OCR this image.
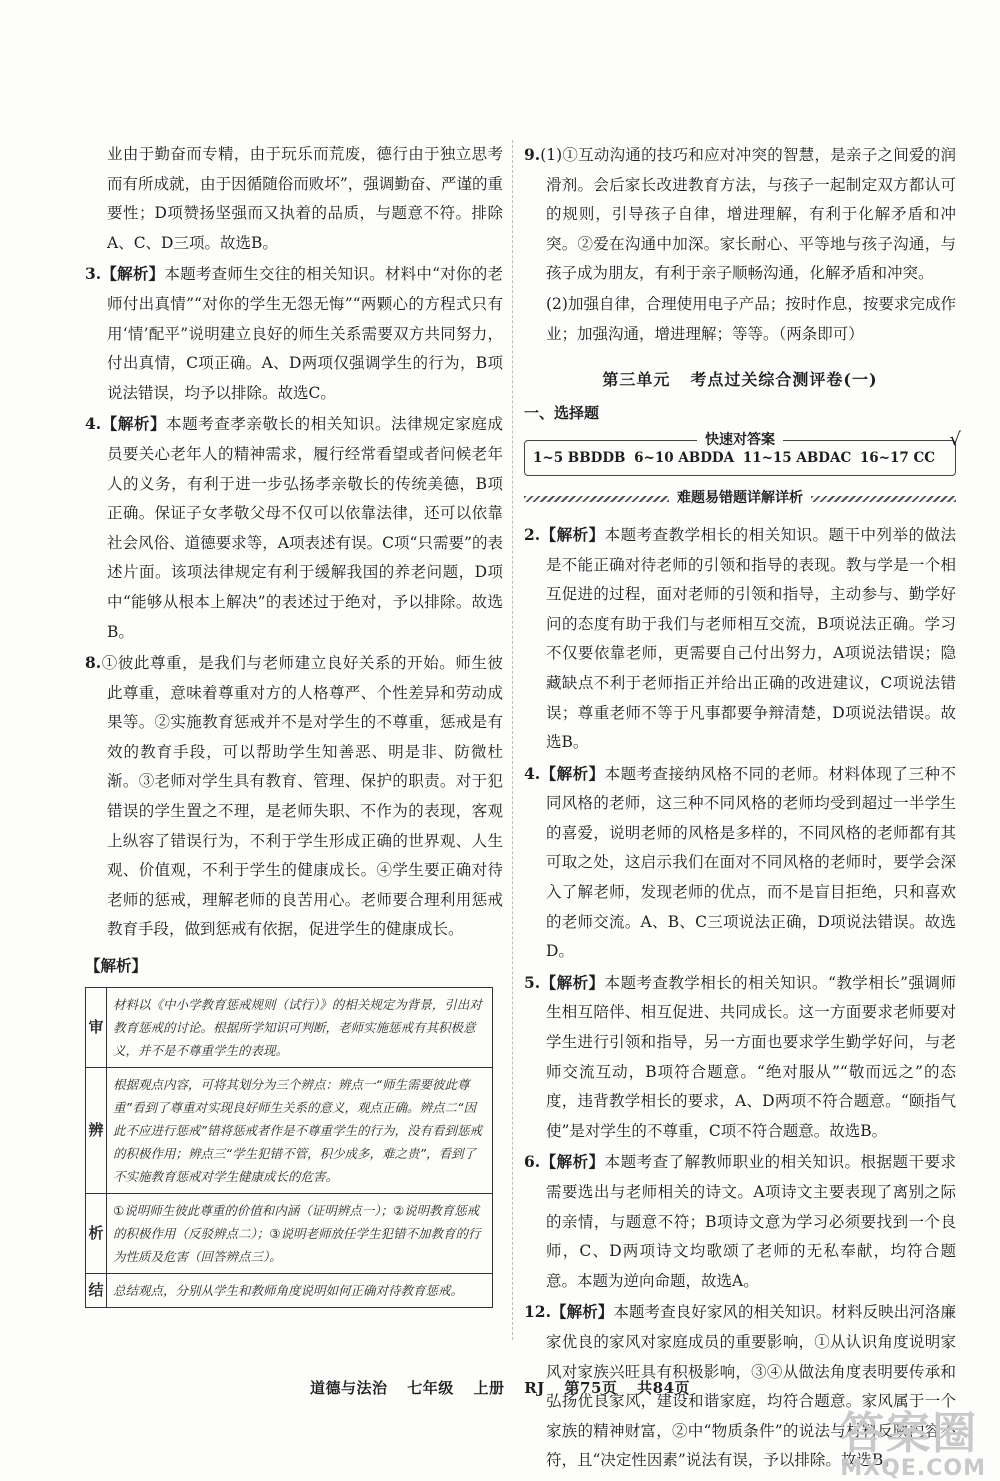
业由于勤奋而专精，由于玩乐而荒废，德行由于独立思考而有所成就，由于因循随俗而败坏”，强调勤奋、严谨的重要性；D项赞扬坚强而又执着的品质，与题意不符。排除A、C、D三项。故选B。

3.【解析】本题考查师生交往的相关知识。材料中“对你的老师付出真情”“对你的学生无怨无悔”“两颗心的方程式只有用‘情’配平”说明建立良好的师生关系需要双方共同努力，付出真情，C项正确。A、D两项仅强调学生的行为，B项说法错误，均予以排除。故选C。

4.【解析】本题考查孝亲敬长的相关知识。法律规定家庭成员要关心老年人的精神需求，履行经常看望或者问候老年人的义务，有利于进一步弘扬孝亲敬长的传统美德，B项正确。保证子女孝敬父母不仅可以依靠法律，还可以依靠社会风俗、道德要求等，A项表述有误。C项“只需要”的表述片面。该项法律规定有利于缓解我国的养老问题，D项中“能够从根本上解决”的表述过于绝对，予以排除。故选B。

8.①彼此尊重，是我们与老师建立良好关系的开始。师生彼此尊重，意味着尊重对方的人格尊严、个性差异和劳动成果等。②实施教育惩戒并不是对学生的不尊重，惩戒是有效的教育手段，可以帮助学生知善恶、明是非、防微杜渐。③老师对学生具有教育、管理、保护的职责。对于犯错误的学生置之不理，是老师失职、不作为的表现，客观上纵容了错误行为，不利于学生形成正确的世界观、人生观、价值观，不利于学生的健康成长。④学生要正确对待老师的惩戒，理解老师的良苦用心。老师要合理利用惩戒教育手段，做到惩戒有依据，促进学生的健康成长。

【解析】
审	材料以《中小学教育惩戒规则（试行）》的相关规定为背景，引出对教育惩戒的讨论。根据所学知识可判断，老师实施惩戒有其积极意义，并不是不尊重学生的表现。
辨	根据观点内容，可将其划分为三个辨点：辨点一“师生需要彼此尊重”看到了尊重对实现良好师生关系的意义，观点正确。辨点二“因此不应进行惩戒”错将惩戒者作是不尊重学生的行为，没有看到惩戒的积极作用；辨点三“学生犯错不管，积少成多，难之贵”，看到了不实施教育惩戒对学生健康成长的危害。
析	①说明师生彼此尊重的价值和内涵（证明辨点一）；②说明教育惩戒的积极作用（反驳辨点二）；③说明老师放任学生犯错不加教育的行为性质及危害（回答辨点三）。
结	总结观点，分别从学生和教师角度说明如何正确对待教育惩戒。

9.(1)①互动沟通的技巧和应对冲突的智慧，是亲子之间爱的润滑剂。会后家长改进教育方法，与孩子一起制定双方都认可的规则，引导孩子自律，增进理解，有利于化解矛盾和冲突。②爱在沟通中加深。家长耐心、平等地与孩子沟通，与孩子成为朋友，有利于亲子顺畅沟通，化解矛盾和冲突。

(2)加强自律，合理使用电子产品；按时作息，按要求完成作业；加强沟通，增进理解；等等。（两条即可）

第三单元 考点过关综合测评卷(一)
一、选择题
快速对答案
1~5 BBDDB 6~10 ABDDA 11~15 ABDAC 16~17 CC
√
难题易错题详解详析

2.【解析】本题考查教学相长的相关知识。题干中列举的做法是不能正确对待老师的引领和指导的表现。教与学是一个相互促进的过程，面对老师的引领和指导，主动参与、勤学好问的态度有助于我们与老师相互交流，B项说法正确。学习不仅要依靠老师，更需要自己付出努力，A项说法错误；隐藏缺点不利于老师指正并给出正确的改进建议，C项说法错误；尊重老师不等于凡事都要争辩清楚，D项说法错误。故选B。

4.【解析】本题考查接纳风格不同的老师。材料体现了三种不同风格的老师，这三种不同风格的老师均受到超过一半学生的喜爱，说明老师的风格是多样的，不同风格的老师都有其可取之处，这启示我们在面对不同风格的老师时，要学会深入了解老师，发现老师的优点，而不是盲目拒绝，只和喜欢的老师交流。A、B、C三项说法正确，D项说法错误。故选D。

5.【解析】本题考查教学相长的相关知识。“教学相长”强调师生相互陪伴、相互促进、共同成长。这一方面要求老师要对学生进行引领和指导，另一方面也要求学生勤学好问，与老师交流互动，B项符合题意。“绝对服从”“敬而远之”的态度，违背教学相长的要求，A、D两项不符合题意。“颐指气使”是对学生的不尊重，C项不符合题意。故选B。

6.【解析】本题考查了解教师职业的相关知识。根据题干要求需要选出与老师相关的诗文。A项诗文主要表现了离别之际的亲情，与题意不符；B项诗文意为学习必须要找到一个良师，C、D两项诗文均歌颂了老师的无私奉献，均符合题意。本题为逆向命题，故选A。

12.【解析】本题考查良好家风的相关知识。材料反映出河洛廉家优良的家风对家庭成员的重要影响，①从认识角度说明家风对家族兴旺具有积极影响，③④从做法角度表明要传承和弘扬优良家风，建设和谐家庭，均符合题意。家风属于一个家族的精神财富，②中“物质条件”的说法与材料反映内容不符，且“决定性因素”说法有误，予以排除。故选B。

道德与法治 七年级 上册 RJ 第75页 共84页
答案圈
MXQE.COM
